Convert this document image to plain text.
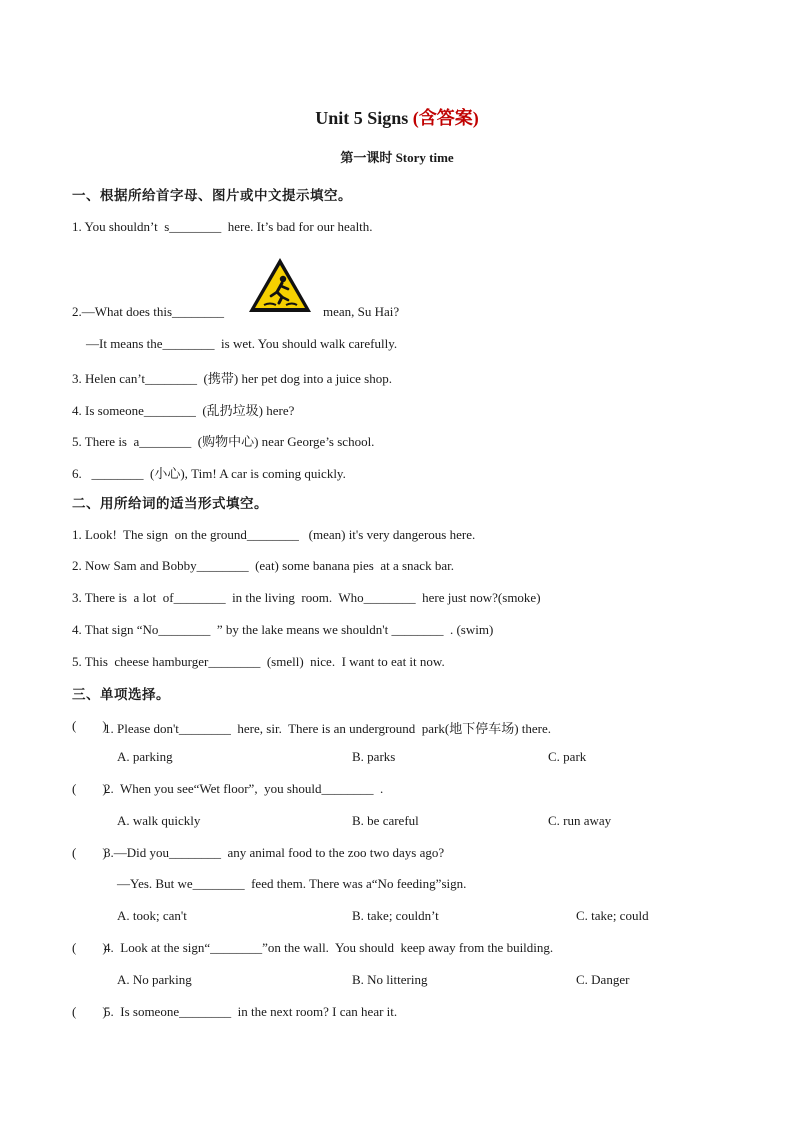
Unit 5 Signs (含答案)
第一课时 Story time
一、根据所给首字母、图片或中文提示填空。
1. You shouldn’t  s________  here. It’s bad for our health.
2.—What does this________	mean, Su Hai?
—It means the________  is wet. You should walk carefully.
3. Helen can’t________  (携带) her pet dog into a juice shop.
4. Is someone________  (乱扔垃圾) here?
5. There is  a________  (购物中心) near George’s school.
6.   ________  (小心), Tim! A car is coming quickly.
二、用所给词的适当形式填空。
1. Look!  The sign  on the ground________   (mean) it's very dangerous here.
2. Now Sam and Bobby________  (eat) some banana pies  at a snack bar.
3. There is  a lot  of________  in the living  room.  Who________  here just now?(smoke)
4. That sign “No________  ” by the lake means we shouldn't ________  . (swim)
5. This  cheese hamburger________  (smell)  nice.  I want to eat it now.
三、单项选择。
(        )
1. Please don't________  here, sir.  There is an underground  park(地下停车场) there.
A. parking	B. parks	C. park
(        )
2.  When you see“Wet floor”,  you should________  .
A. walk quickly	B. be careful	C. run away
(        )
3.—Did you________  any animal food to the zoo two days ago?
—Yes. But we________  feed them. There was a“No feeding”sign.
A. took; can't	B. take; couldn’t	C. take; could
(        )
4.  Look at the sign“________”on the wall.  You should  keep away from the building.
A. No parking	B. No littering	C. Danger
(        )
5.  Is someone________  in the next room? I can hear it.
